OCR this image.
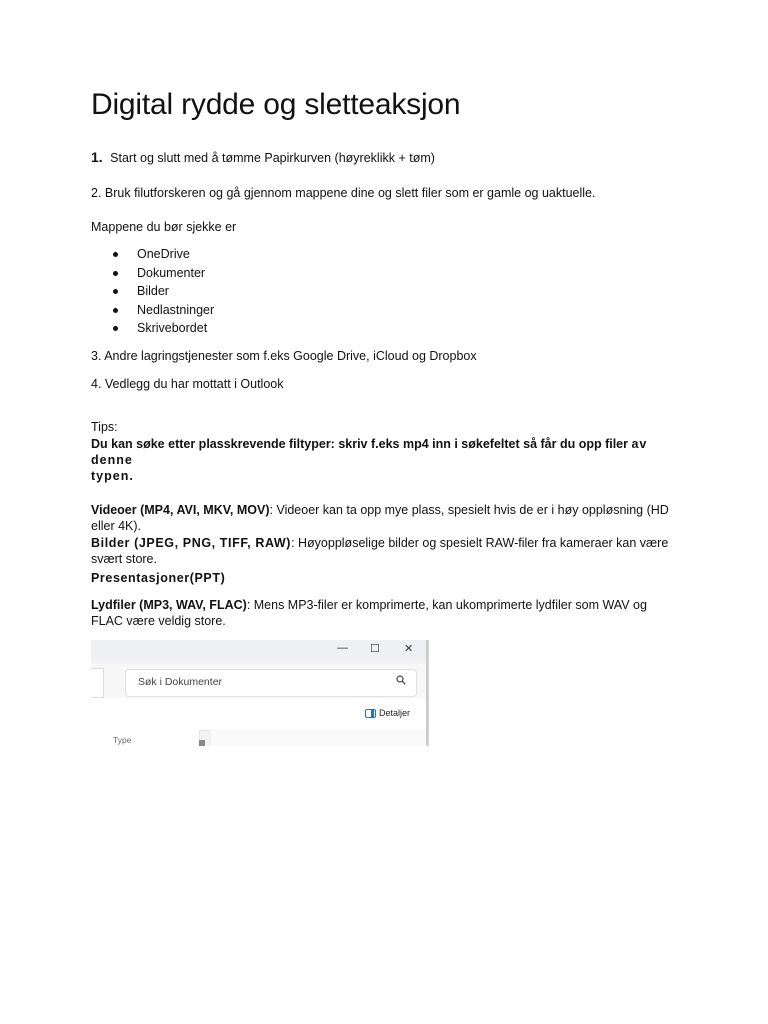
Digital rydde og sletteaksjon
1. Start og slutt med å tømme Papirkurven (høyreklikk + tøm)
2. Bruk filutforskeren og gå gjennom mappene dine og slett filer som er gamle og uaktuelle.
Mappene du bør sjekke er
OneDrive
Dokumenter
Bilder
Nedlastninger
Skrivebordet
3. Andre lagringstjenester som f.eks Google Drive, iCloud og Dropbox
4. Vedlegg du har mottatt i Outlook
Tips:
Du kan søke etter plasskrevende filtyper: skriv f.eks mp4 inn i søkefeltet så får du opp filer av denne
typen.
Videoer (MP4, AVI, MKV, MOV): Videoer kan ta opp mye plass, spesielt hvis de er i høy oppløsning (HD eller 4K).
Bilder (JPEG, PNG, TIFF, RAW): Høyoppløselige bilder og spesielt RAW-filer fra kameraer kan være svært store.
Presentasjoner(PPT)
Lydfiler (MP3, WAV, FLAC): Mens MP3-filer er komprimerte, kan ukomprimerte lydfiler som WAV og FLAC være veldig store.
— ☐ ✕
Søk i Dokumenter
Detaljer
Type
